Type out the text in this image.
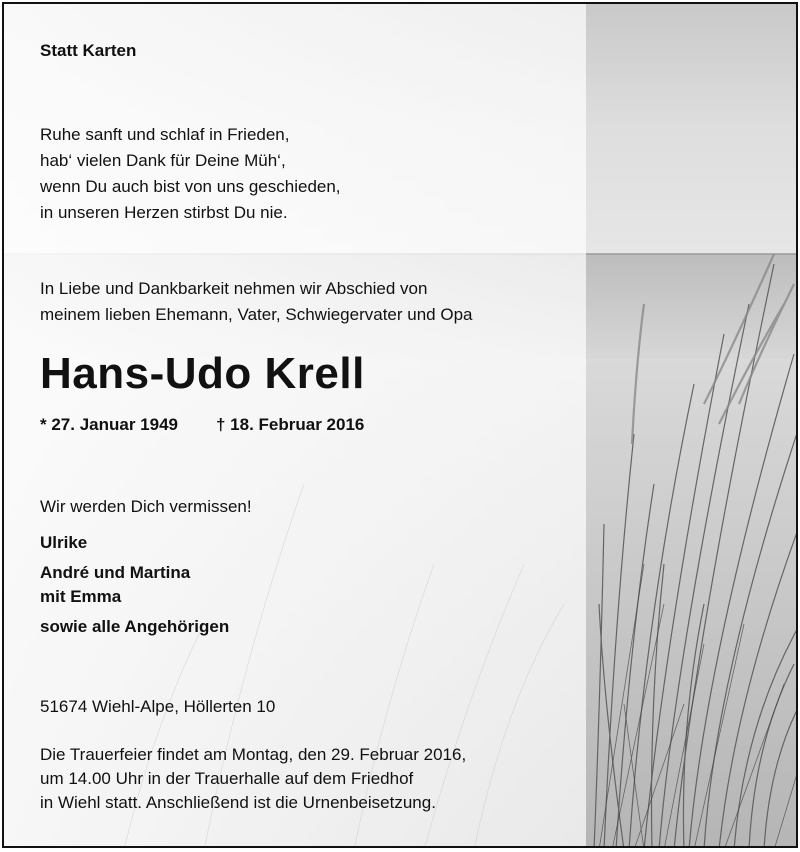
Statt Karten

Ruhe sanft und schlaf in Frieden,

hab‘ vielen Dank für Deine Müh‘,

wenn Du auch bist von uns geschieden,

in unseren Herzen stirbst Du nie.

In Liebe und Dankbarkeit nehmen wir Abschied von

meinem lieben Ehemann, Vater, Schwiegervater und Opa

Hans-Udo Krell

* 27. Januar 1949 † 18. Februar 2016

Wir werden Dich vermissen!

Ulrike

André und Martina

mit Emma

sowie alle Angehörigen

51674 Wiehl-Alpe, Höllerten 10

Die Trauerfeier findet am Montag, den 29. Februar 2016,

um 14.00 Uhr in der Trauerhalle auf dem Friedhof

in Wiehl statt. Anschließend ist die Urnenbeisetzung.
